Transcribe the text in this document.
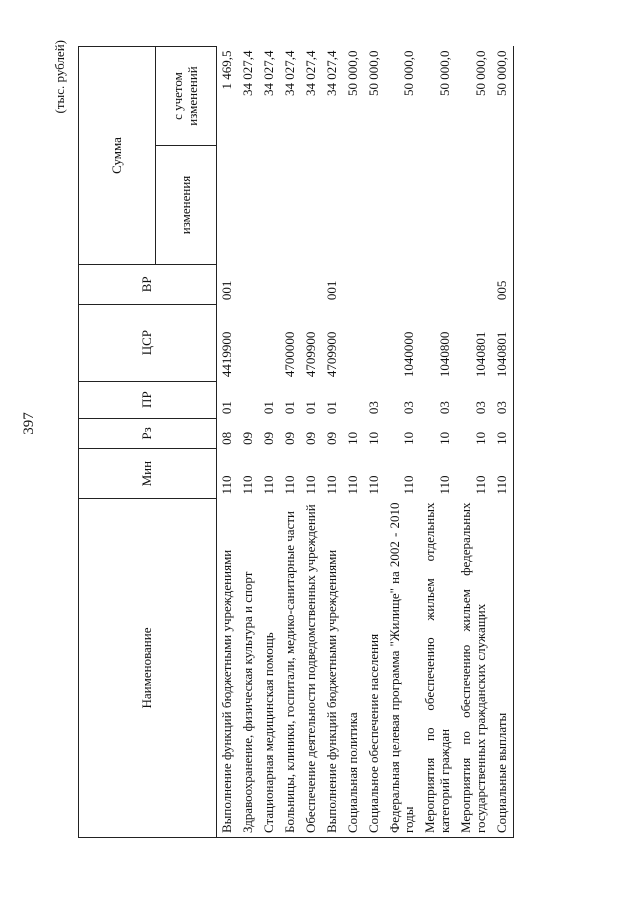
397
(тыс. рублей)
Наименование	Мин	Рз	ПР	ЦСР	ВР	Сумма	
						изменения	с учетом изменений
Выполнение функций бюджетными учреждениями	110	08	01	4419900	001		1 469,5
Здравоохранение, физическая культура и спорт	110	09					34 027,4
Стационарная медицинская помощь	110	09	01				34 027,4
Больницы, клиники, госпитали, медико-санитарные части	110	09	01	4700000			34 027,4
Обеспечение деятельности подведомственных учреждений	110	09	01	4709900			34 027,4
Выполнение функций бюджетными учреждениями	110	09	01	4709900	001		34 027,4
Социальная политика	110	10					50 000,0
Социальное обеспечение населения	110	10	03				50 000,0
Федеральная целевая программа "Жилище" на 2002 - 2010 годы	110	10	03	1040000			50 000,0
Мероприятия по обеспечению жильем отдельных категорий граждан	110	10	03	1040800			50 000,0
Мероприятия по обеспечению жильем федеральных государственных гражданских служащих	110	10	03	1040801			50 000,0
Социальные выплаты	110	10	03	1040801	005		50 000,0
